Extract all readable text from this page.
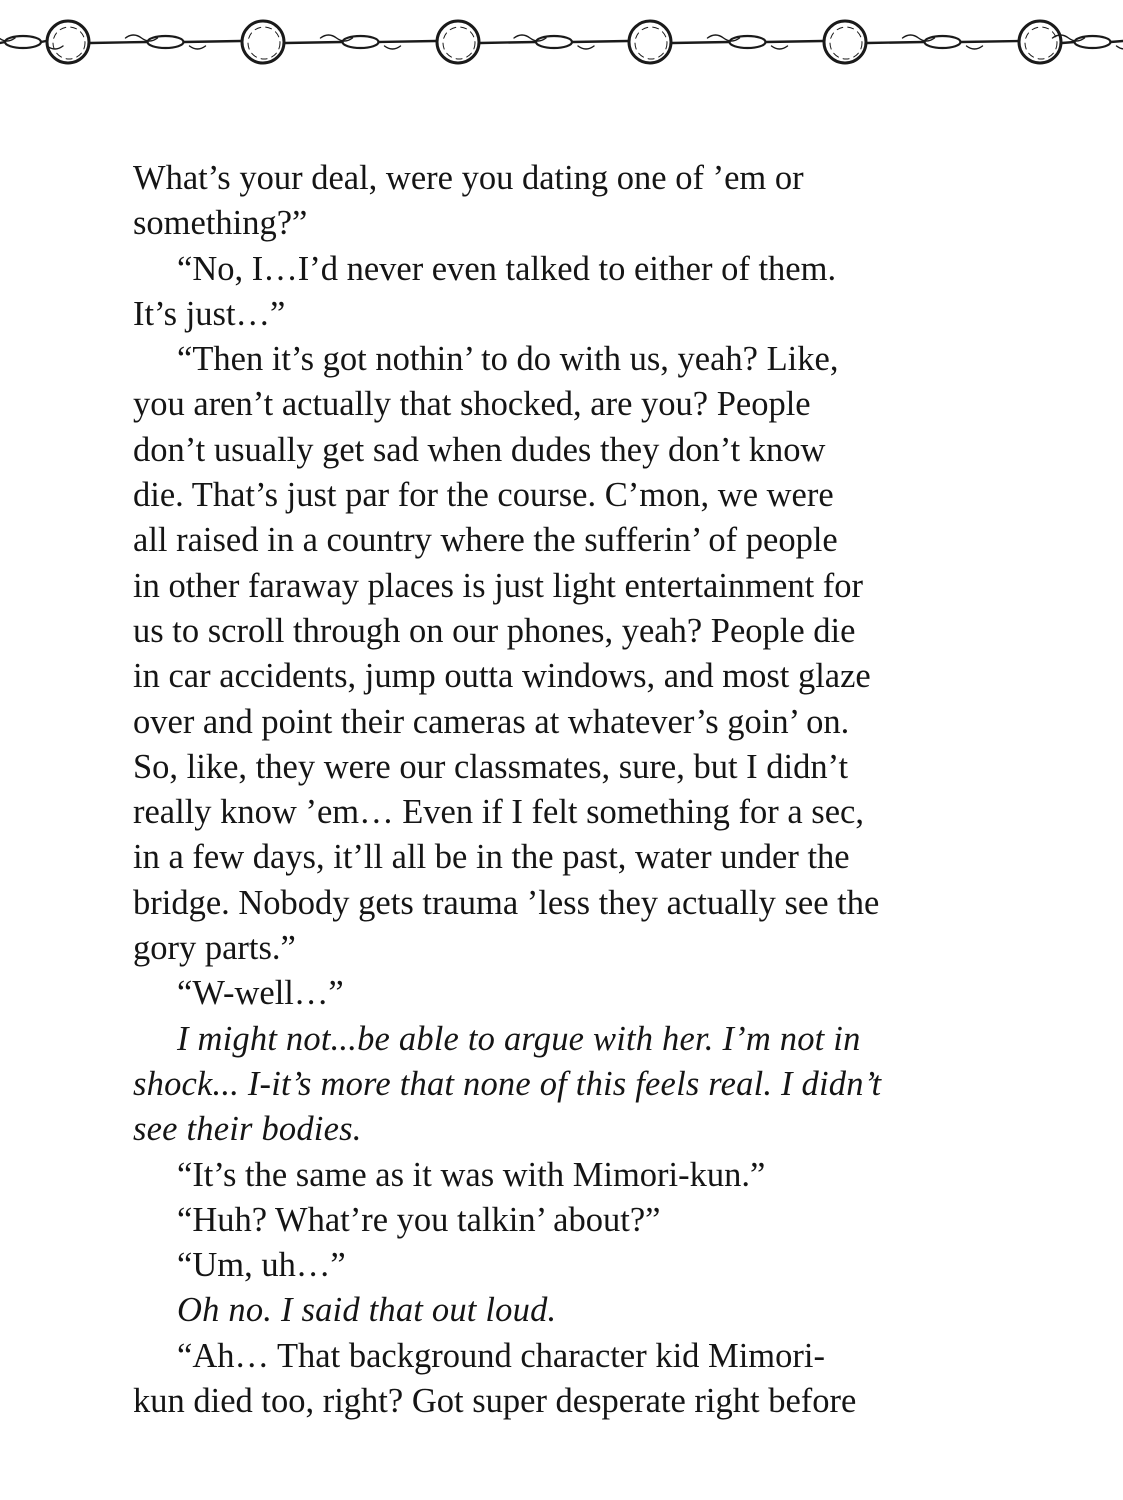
What’s your deal, were you dating one of ’em or
something?”
“No, I…I’d never even talked to either of them.
It’s just…”
“Then it’s got nothin’ to do with us, yeah? Like,
you aren’t actually that shocked, are you? People
don’t usually get sad when dudes they don’t know
die. That’s just par for the course. C’mon, we were
all raised in a country where the sufferin’ of people
in other faraway places is just light entertainment for
us to scroll through on our phones, yeah? People die
in car accidents, jump outta windows, and most glaze
over and point their cameras at whatever’s goin’ on.
So, like, they were our classmates, sure, but I didn’t
really know ’em… Even if I felt something for a sec,
in a few days, it’ll all be in the past, water under the
bridge. Nobody gets trauma ’less they actually see the
gory parts.”
“W-well…”
I might not...be able to argue with her. I’m not in
shock... I-it’s more that none of this feels real. I didn’t
see their bodies.
“It’s the same as it was with Mimori-kun.”
“Huh? What’re you talkin’ about?”
“Um, uh…”
Oh no. I said that out loud.
“Ah… That background character kid Mimori-
kun died too, right? Got super desperate right before
